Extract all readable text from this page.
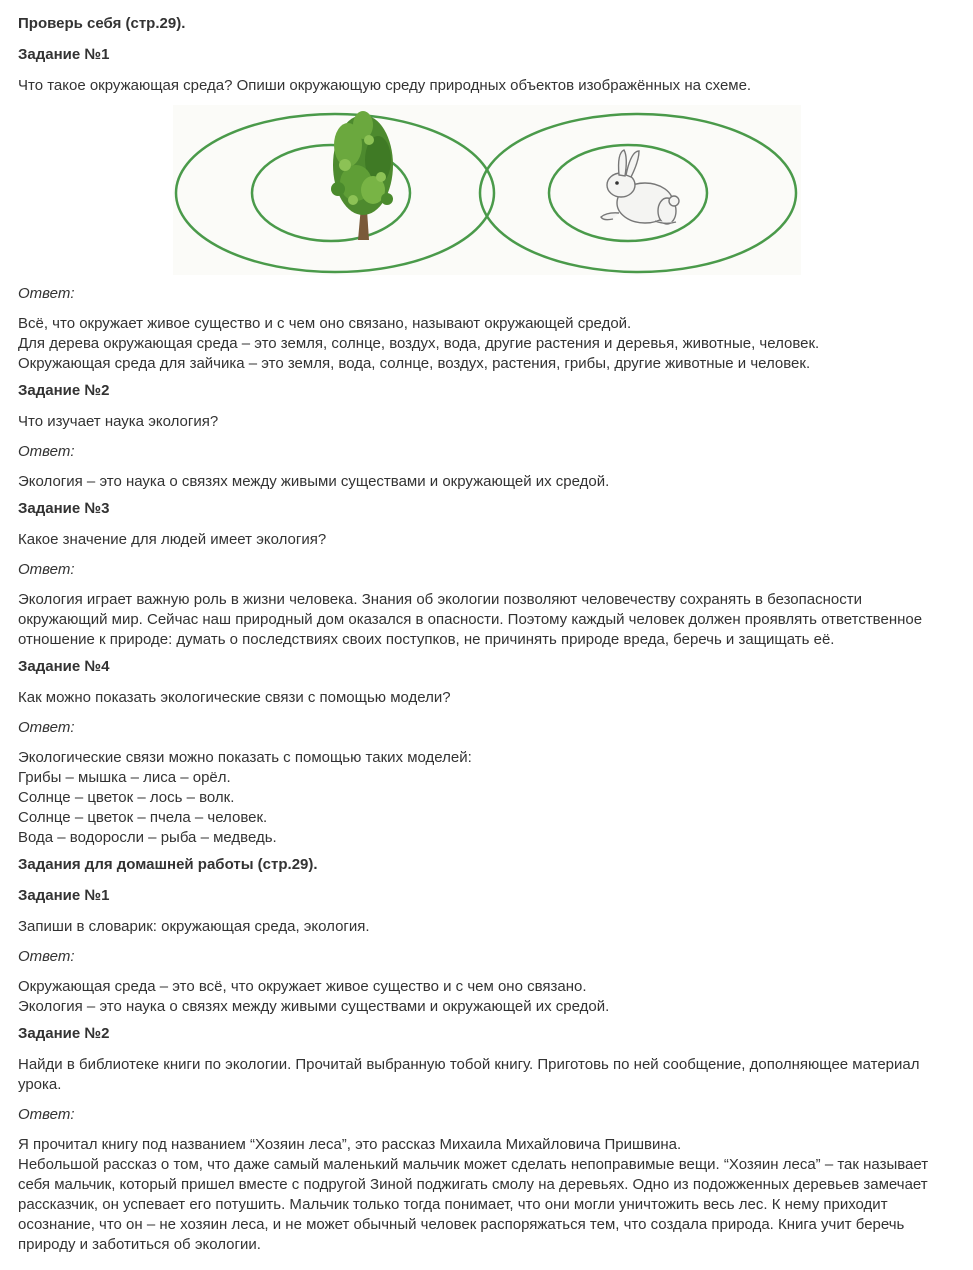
Проверь себя (стр.29).
Задание №1
Что такое окружающая среда? Опиши окружающую среду природных объектов изображённых на схеме.
Ответ:
Всё, что окружает живое существо и с чем оно связано, называют окружающей средой.
Для дерева окружающая среда – это земля, солнце, воздух, вода, другие растения и деревья, животные, человек.
Окружающая среда для зайчика – это земля, вода, солнце, воздух, растения, грибы, другие животные и человек.
Задание №2
Что изучает наука экология?
Ответ:
Экология – это наука о связях между живыми существами и окружающей их средой.
Задание №3
Какое значение для людей имеет экология?
Ответ:
Экология играет важную роль в жизни человека. Знания об экологии позволяют человечеству сохранять в безопасности окружающий мир. Сейчас наш природный дом оказался в опасности. Поэтому каждый человек должен проявлять ответственное отношение к природе: думать о последствиях своих поступков, не причинять природе вреда, беречь и защищать её.
Задание №4
Как можно показать экологические связи с помощью модели?
Ответ:
Экологические связи можно показать с помощью таких моделей:
Грибы – мышка – лиса – орёл.
Солнце – цветок – лось – волк.
Солнце – цветок – пчела – человек.
Вода – водоросли – рыба – медведь.
Задания для домашней работы (стр.29).
Задание №1
Запиши в словарик: окружающая среда, экология.
Ответ:
Окружающая среда – это всё, что окружает живое существо и с чем оно связано.
Экология – это наука о связях между живыми существами и окружающей их средой.
Задание №2
Найди в библиотеке книги по экологии. Прочитай выбранную тобой книгу. Приготовь по ней сообщение, дополняющее материал урока.
Ответ:
Я прочитал книгу под названием “Хозяин леса”, это рассказ Михаила Михайловича Пришвина.
Небольшой рассказ о том, что даже самый маленький мальчик может сделать непоправимые вещи. “Хозяин леса” – так называет себя мальчик, который пришел вместе с подругой Зиной поджигать смолу на деревьях. Одно из подожженных деревьев замечает рассказчик, он успевает его потушить. Мальчик только тогда понимает, что они могли уничтожить весь лес. К нему приходит осознание, что он – не хозяин леса, и не может обычный человек распоряжаться тем, что создала природа. Книга учит беречь природу и заботиться об экологии.
